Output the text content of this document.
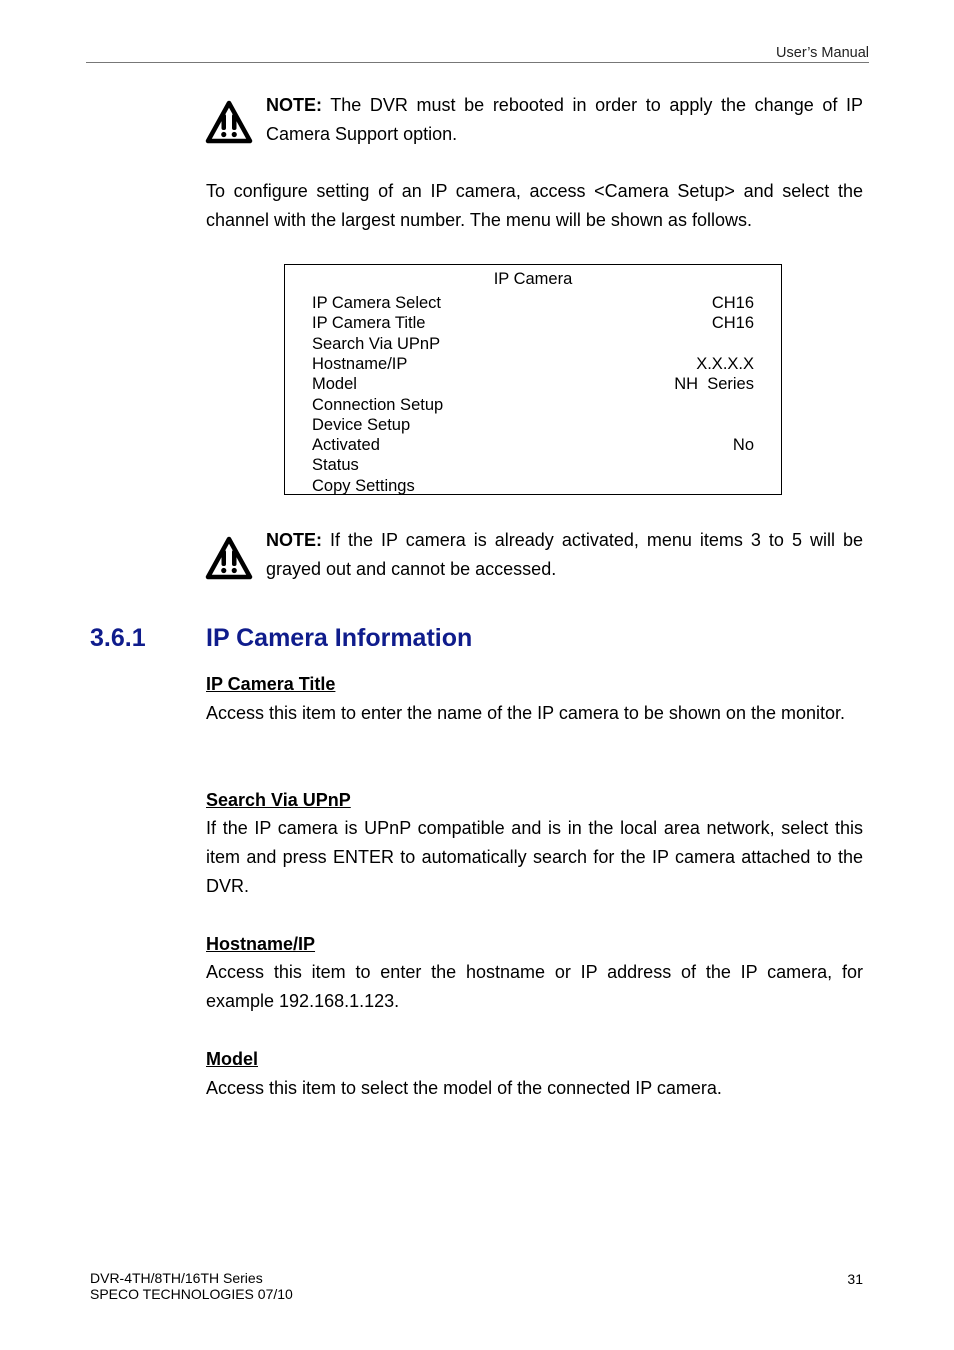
User’s Manual
NOTE: The DVR must be rebooted in order to apply the change of IP Camera Support option.
To configure setting of an IP camera, access <Camera Setup> and select the channel with the largest number. The menu will be shown as follows.
IP Camera
IP Camera Select	CH16
IP Camera Title	CH16
Search Via UPnP
Hostname/IP	X.X.X.X
Model	NH  Series
Connection Setup
Device Setup
Activated	No
Status
Copy Settings
NOTE: If the IP camera is already activated, menu items 3 to 5 will be grayed out and cannot be accessed.
3.6.1 IP Camera Information
IP Camera Title
Access this item to enter the name of the IP camera to be shown on the monitor.
Search Via UPnP
If the IP camera is UPnP compatible and is in the local area network, select this item and press ENTER to automatically search for the IP camera attached to the DVR.
Hostname/IP
Access this item to enter the hostname or IP address of the IP camera, for example 192.168.1.123.
Model
Access this item to select the model of the connected IP camera.
DVR-4TH/8TH/16TH Series
SPECO TECHNOLOGIES 07/10
31
